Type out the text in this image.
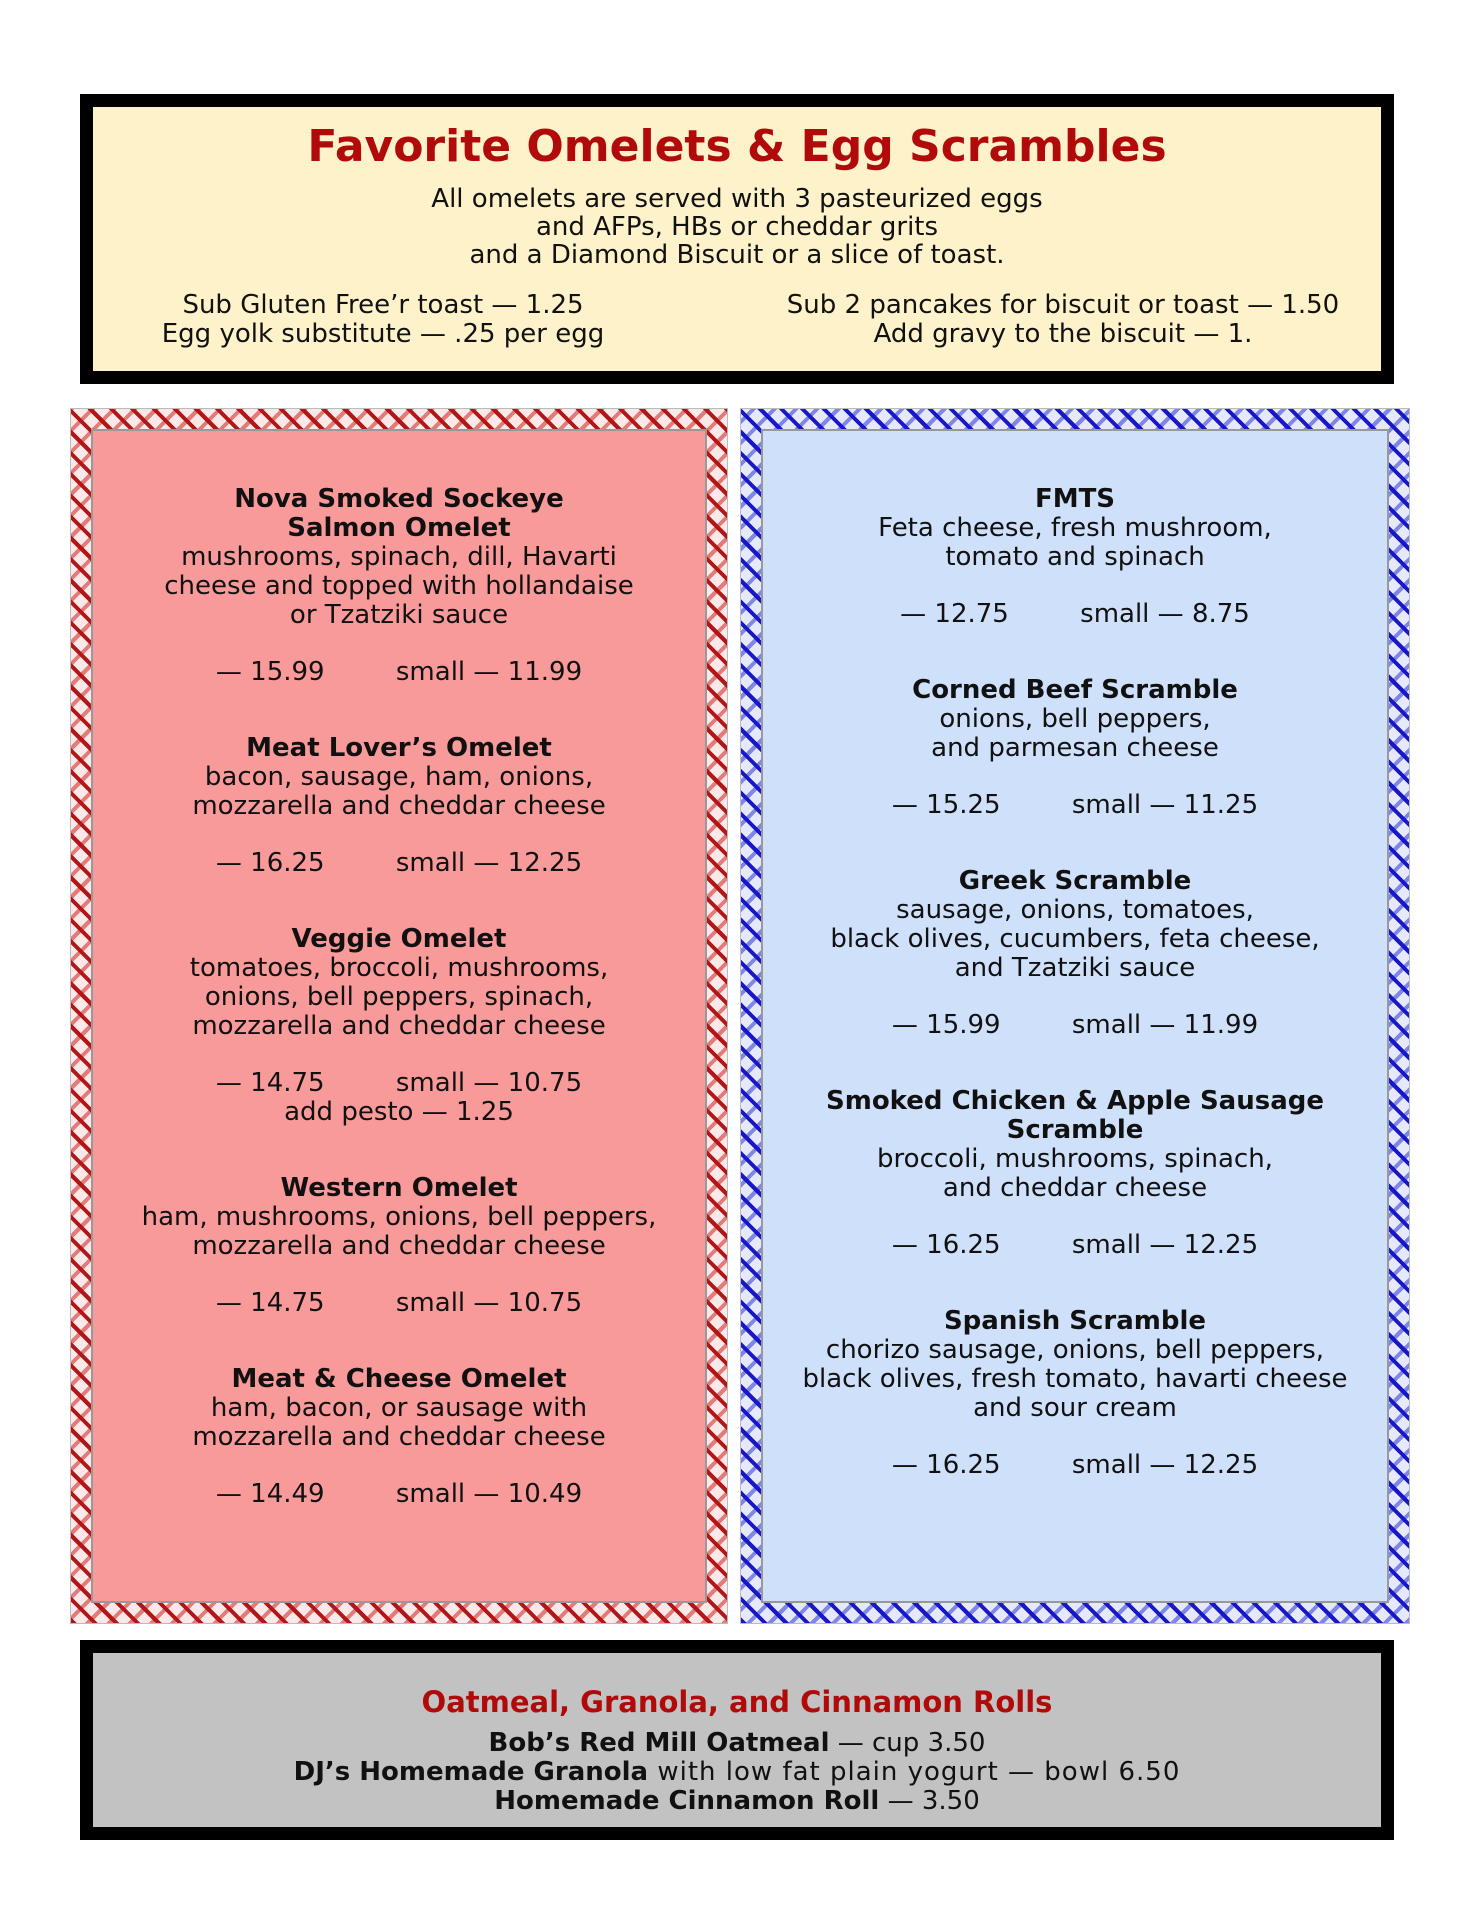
Favorite Omelets & Egg Scrambles
All omelets are served with 3 pasteurized eggs
and AFPs, HBs or cheddar grits
and a Diamond Biscuit or a slice of toast.
Sub Gluten Free’r toast — 1.25
Egg yolk substitute — .25 per egg
Sub 2 pancakes for biscuit or toast — 1.50
Add gravy to the biscuit — 1.
Nova Smoked Sockeye
Salmon Omelet
mushrooms, spinach, dill, Havarti
cheese and topped with hollandaise
or Tzatziki sauce
— 15.99	small — 11.99
Meat Lover’s Omelet
bacon, sausage, ham, onions,
mozzarella and cheddar cheese
— 16.25	small — 12.25
Veggie Omelet
tomatoes, broccoli, mushrooms,
onions, bell peppers, spinach,
mozzarella and cheddar cheese
— 14.75	small — 10.75
add pesto — 1.25
Western Omelet
ham, mushrooms, onions, bell peppers,
mozzarella and cheddar cheese
— 14.75	small — 10.75
Meat & Cheese Omelet
ham, bacon, or sausage with
mozzarella and cheddar cheese
— 14.49	small — 10.49
FMTS
Feta cheese, fresh mushroom,
tomato and spinach
— 12.75	small — 8.75
Corned Beef Scramble
onions, bell peppers,
and parmesan cheese
— 15.25	small — 11.25
Greek Scramble
sausage, onions, tomatoes,
black olives, cucumbers, feta cheese,
and Tzatziki sauce
— 15.99	small — 11.99
Smoked Chicken & Apple Sausage
Scramble
broccoli, mushrooms, spinach,
and cheddar cheese
— 16.25	small — 12.25
Spanish Scramble
chorizo sausage, onions, bell peppers,
black olives, fresh tomato, havarti cheese
and sour cream
— 16.25	small — 12.25
Oatmeal, Granola, and Cinnamon Rolls
Bob’s Red Mill Oatmeal — cup 3.50
DJ’s Homemade Granola with low fat plain yogurt — bowl 6.50
Homemade Cinnamon Roll — 3.50
